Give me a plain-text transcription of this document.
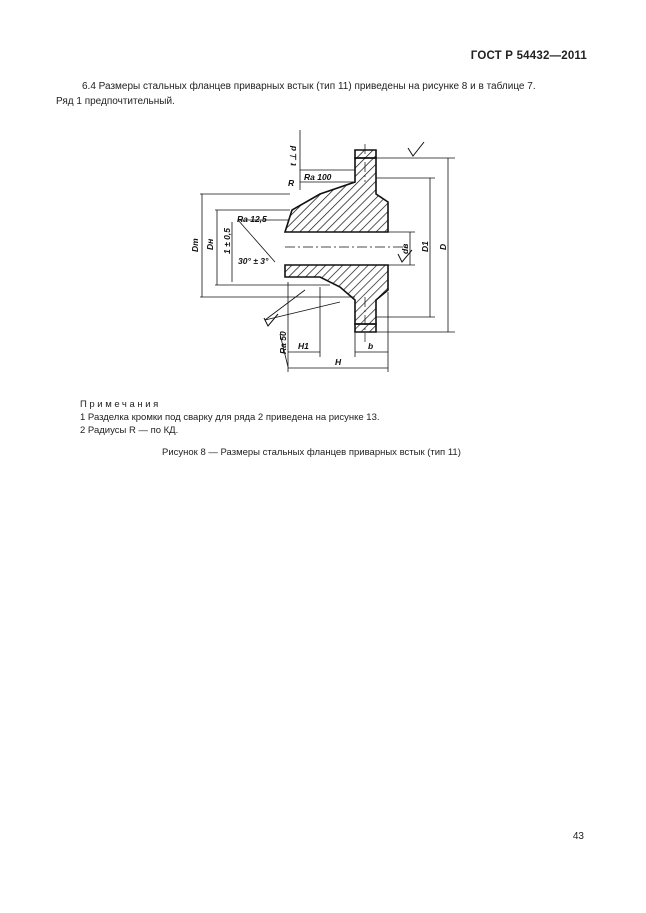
ГОСТ Р 54432—2011

6.4 Размеры стальных фланцев приварных встык (тип 11) приведены на рисунке 8 и в таблице 7.

Ряд 1 предпочтительный.

Dm Dн 1 ± 0,5
30° ± 3°
Ra 12,5
Ra 100
R
t ⊥ d
Ra 50 H1
H
b
dв D1 D
Примечания
1 Разделка кромки под сварку для ряда 2 приведена на рисунке 13.
2 Радиусы R — по КД.
Рисунок 8 — Размеры стальных фланцев приварных встык (тип 11)
43
